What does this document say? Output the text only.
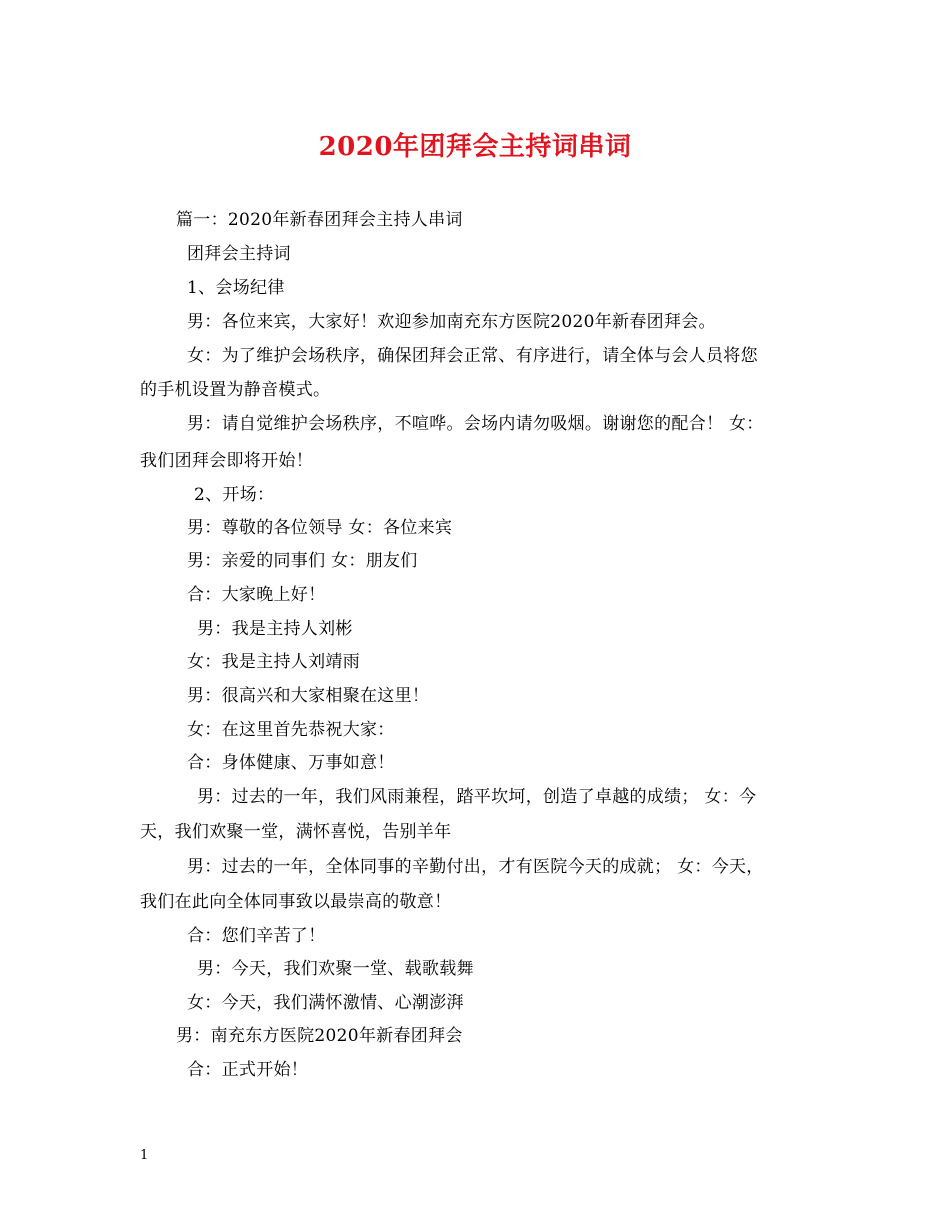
2020年团拜会主持词串词
篇一：2020年新春团拜会主持人串词
团拜会主持词
1、会场纪律
男：各位来宾，大家好！欢迎参加南充东方医院2020年新春团拜会。
女：为了维护会场秩序，确保团拜会正常、有序进行，请全体与会人员将您
的手机设置为静音模式。
男：请自觉维护会场秩序，不喧哗。会场内请勿吸烟。谢谢您的配合！ 女：
我们团拜会即将开始！
2、开场：
男：尊敬的各位领导 女：各位来宾
男：亲爱的同事们 女：朋友们
合：大家晚上好！
男：我是主持人刘彬
女：我是主持人刘靖雨
男：很高兴和大家相聚在这里！
女：在这里首先恭祝大家：
合：身体健康、万事如意！
男：过去的一年，我们风雨兼程，踏平坎坷，创造了卓越的成绩； 女：今
天，我们欢聚一堂，满怀喜悦，告别羊年
男：过去的一年，全体同事的辛勤付出，才有医院今天的成就； 女：今天，
我们在此向全体同事致以最崇高的敬意！
合：您们辛苦了！
男：今天，我们欢聚一堂、载歌载舞
女：今天，我们满怀激情、心潮澎湃
男：南充东方医院2020年新春团拜会
合：正式开始！
1
